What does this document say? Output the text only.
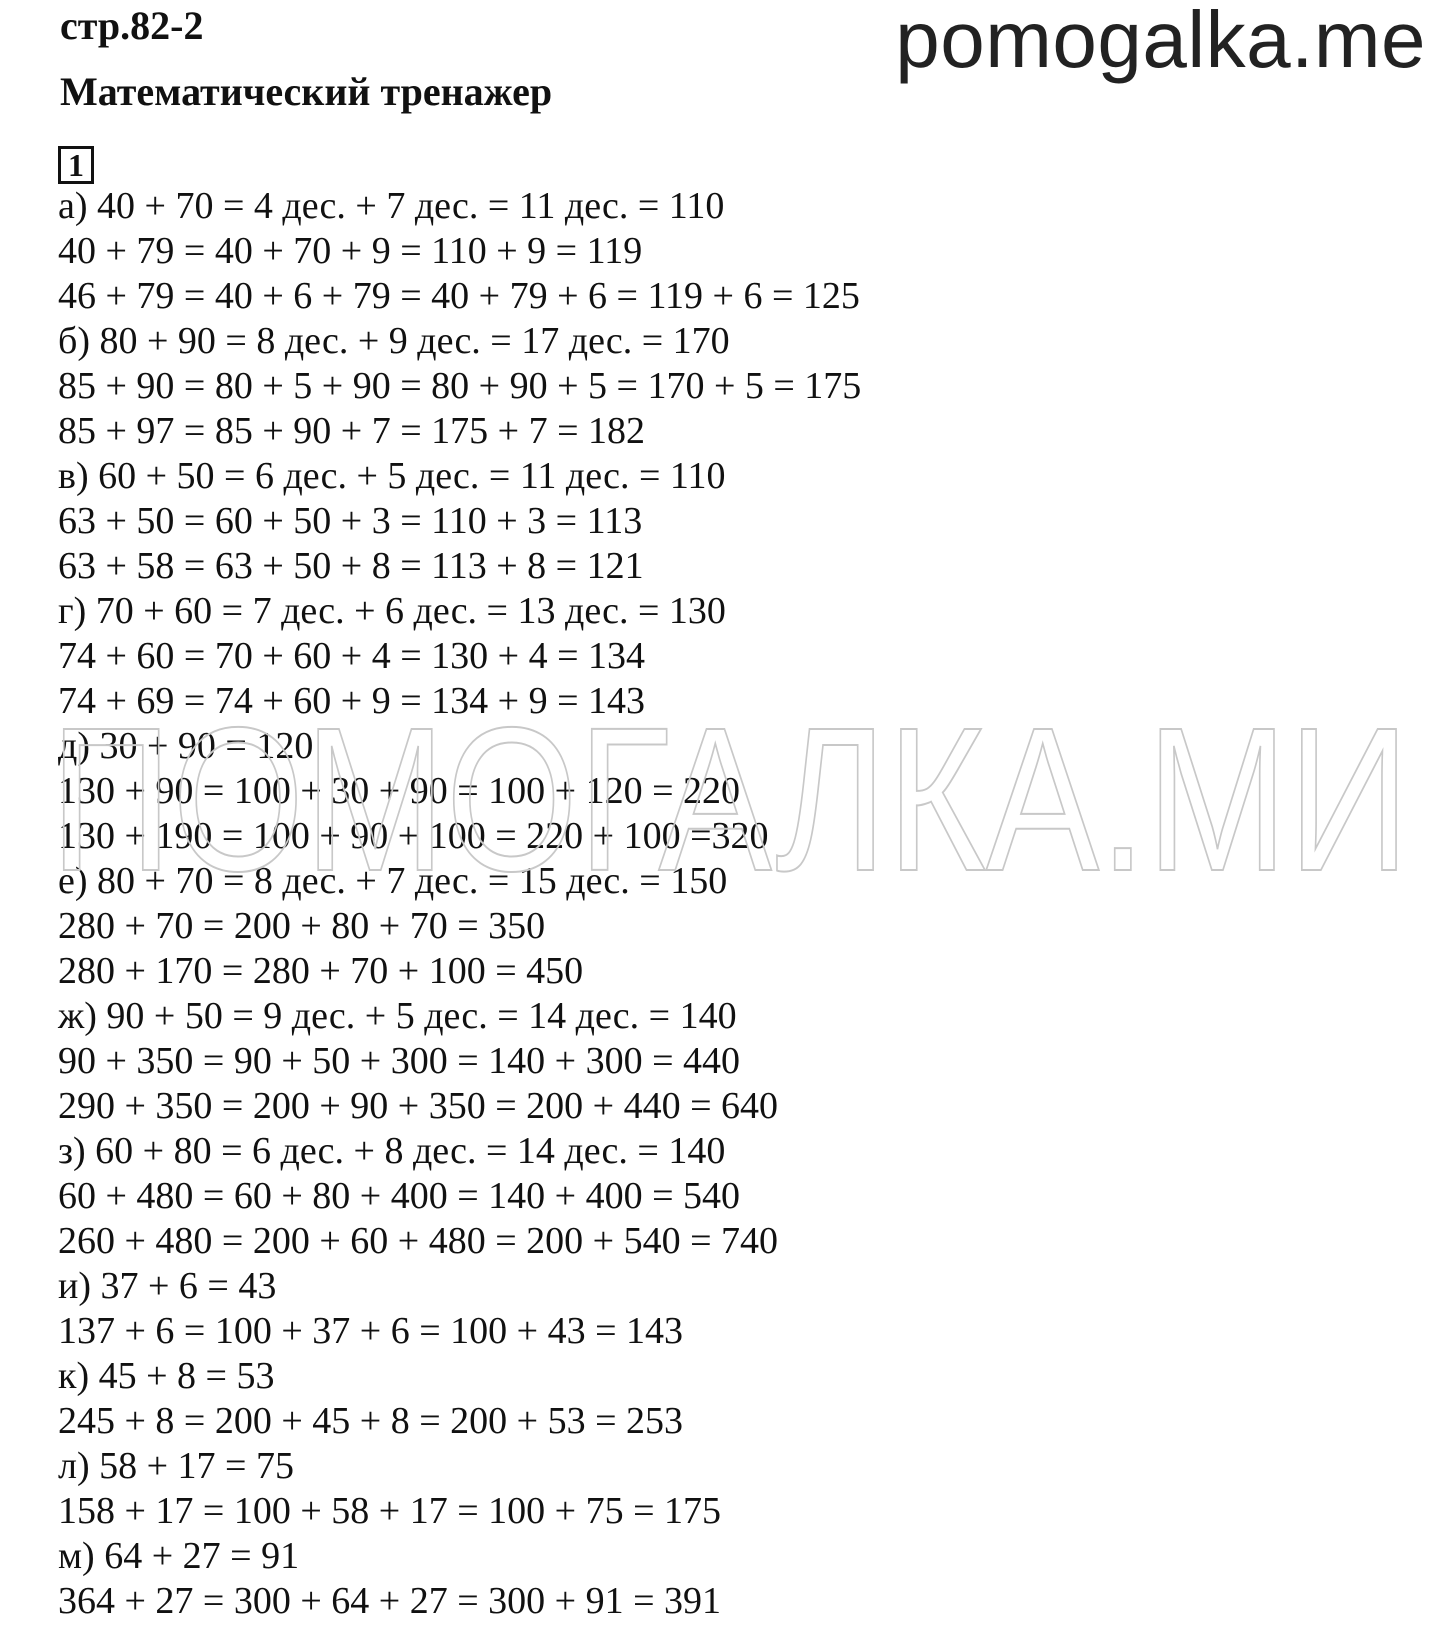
стр.82-2	pomogalka.me
Математический тренажер
1
а) 40 + 70 = 4 дес. + 7 дес. = 11 дес. = 110
40 + 79 = 40 + 70 + 9 = 110 + 9 = 119
46 + 79 = 40 + 6 + 79 = 40 + 79 + 6 = 119 + 6 = 125
б) 80 + 90 = 8 дес. + 9 дес. = 17 дес. = 170
85 + 90 = 80 + 5 + 90 = 80 + 90 + 5 = 170 + 5 = 175
85 + 97 = 85 + 90 + 7 = 175 + 7 = 182
в) 60 + 50 = 6 дес. + 5 дес. = 11 дес. = 110
63 + 50 = 60 + 50 + 3 = 110 + 3 = 113
63 + 58 = 63 + 50 + 8 = 113 + 8 = 121
г) 70 + 60 = 7 дес. + 6 дес. = 13 дес. = 130
74 + 60 = 70 + 60 + 4 = 130 + 4 = 134
74 + 69 = 74 + 60 + 9 = 134 + 9 = 143
д) 30 + 90 = 120
130 + 90 = 100 + 30 + 90 = 100 + 120 = 220
130 + 190 = 100 + 90 + 100 = 220 + 100 =320
е) 80 + 70 = 8 дес. + 7 дес. = 15 дес. = 150
280 + 70 = 200 + 80 + 70 = 350
280 + 170 = 280 + 70 + 100 = 450
ж) 90 + 50 = 9 дес. + 5 дес. = 14 дес. = 140
90 + 350 = 90 + 50 + 300 = 140 + 300 = 440
290 + 350 = 200 + 90 + 350 = 200 + 440 = 640
з) 60 + 80 = 6 дес. + 8 дес. = 14 дес. = 140
60 + 480 = 60 + 80 + 400 = 140 + 400 = 540
260 + 480 = 200 + 60 + 480 = 200 + 540 = 740
и) 37 + 6 = 43
137 + 6 = 100 + 37 + 6 = 100 + 43 = 143
к) 45 + 8 = 53
245 + 8 = 200 + 45 + 8 = 200 + 53 = 253
л) 58 + 17 = 75
158 + 17 = 100 + 58 + 17 = 100 + 75 = 175
м) 64 + 27 = 91
364 + 27 = 300 + 64 + 27 = 300 + 91 = 391
ПОМОГАЛКА.МИ
